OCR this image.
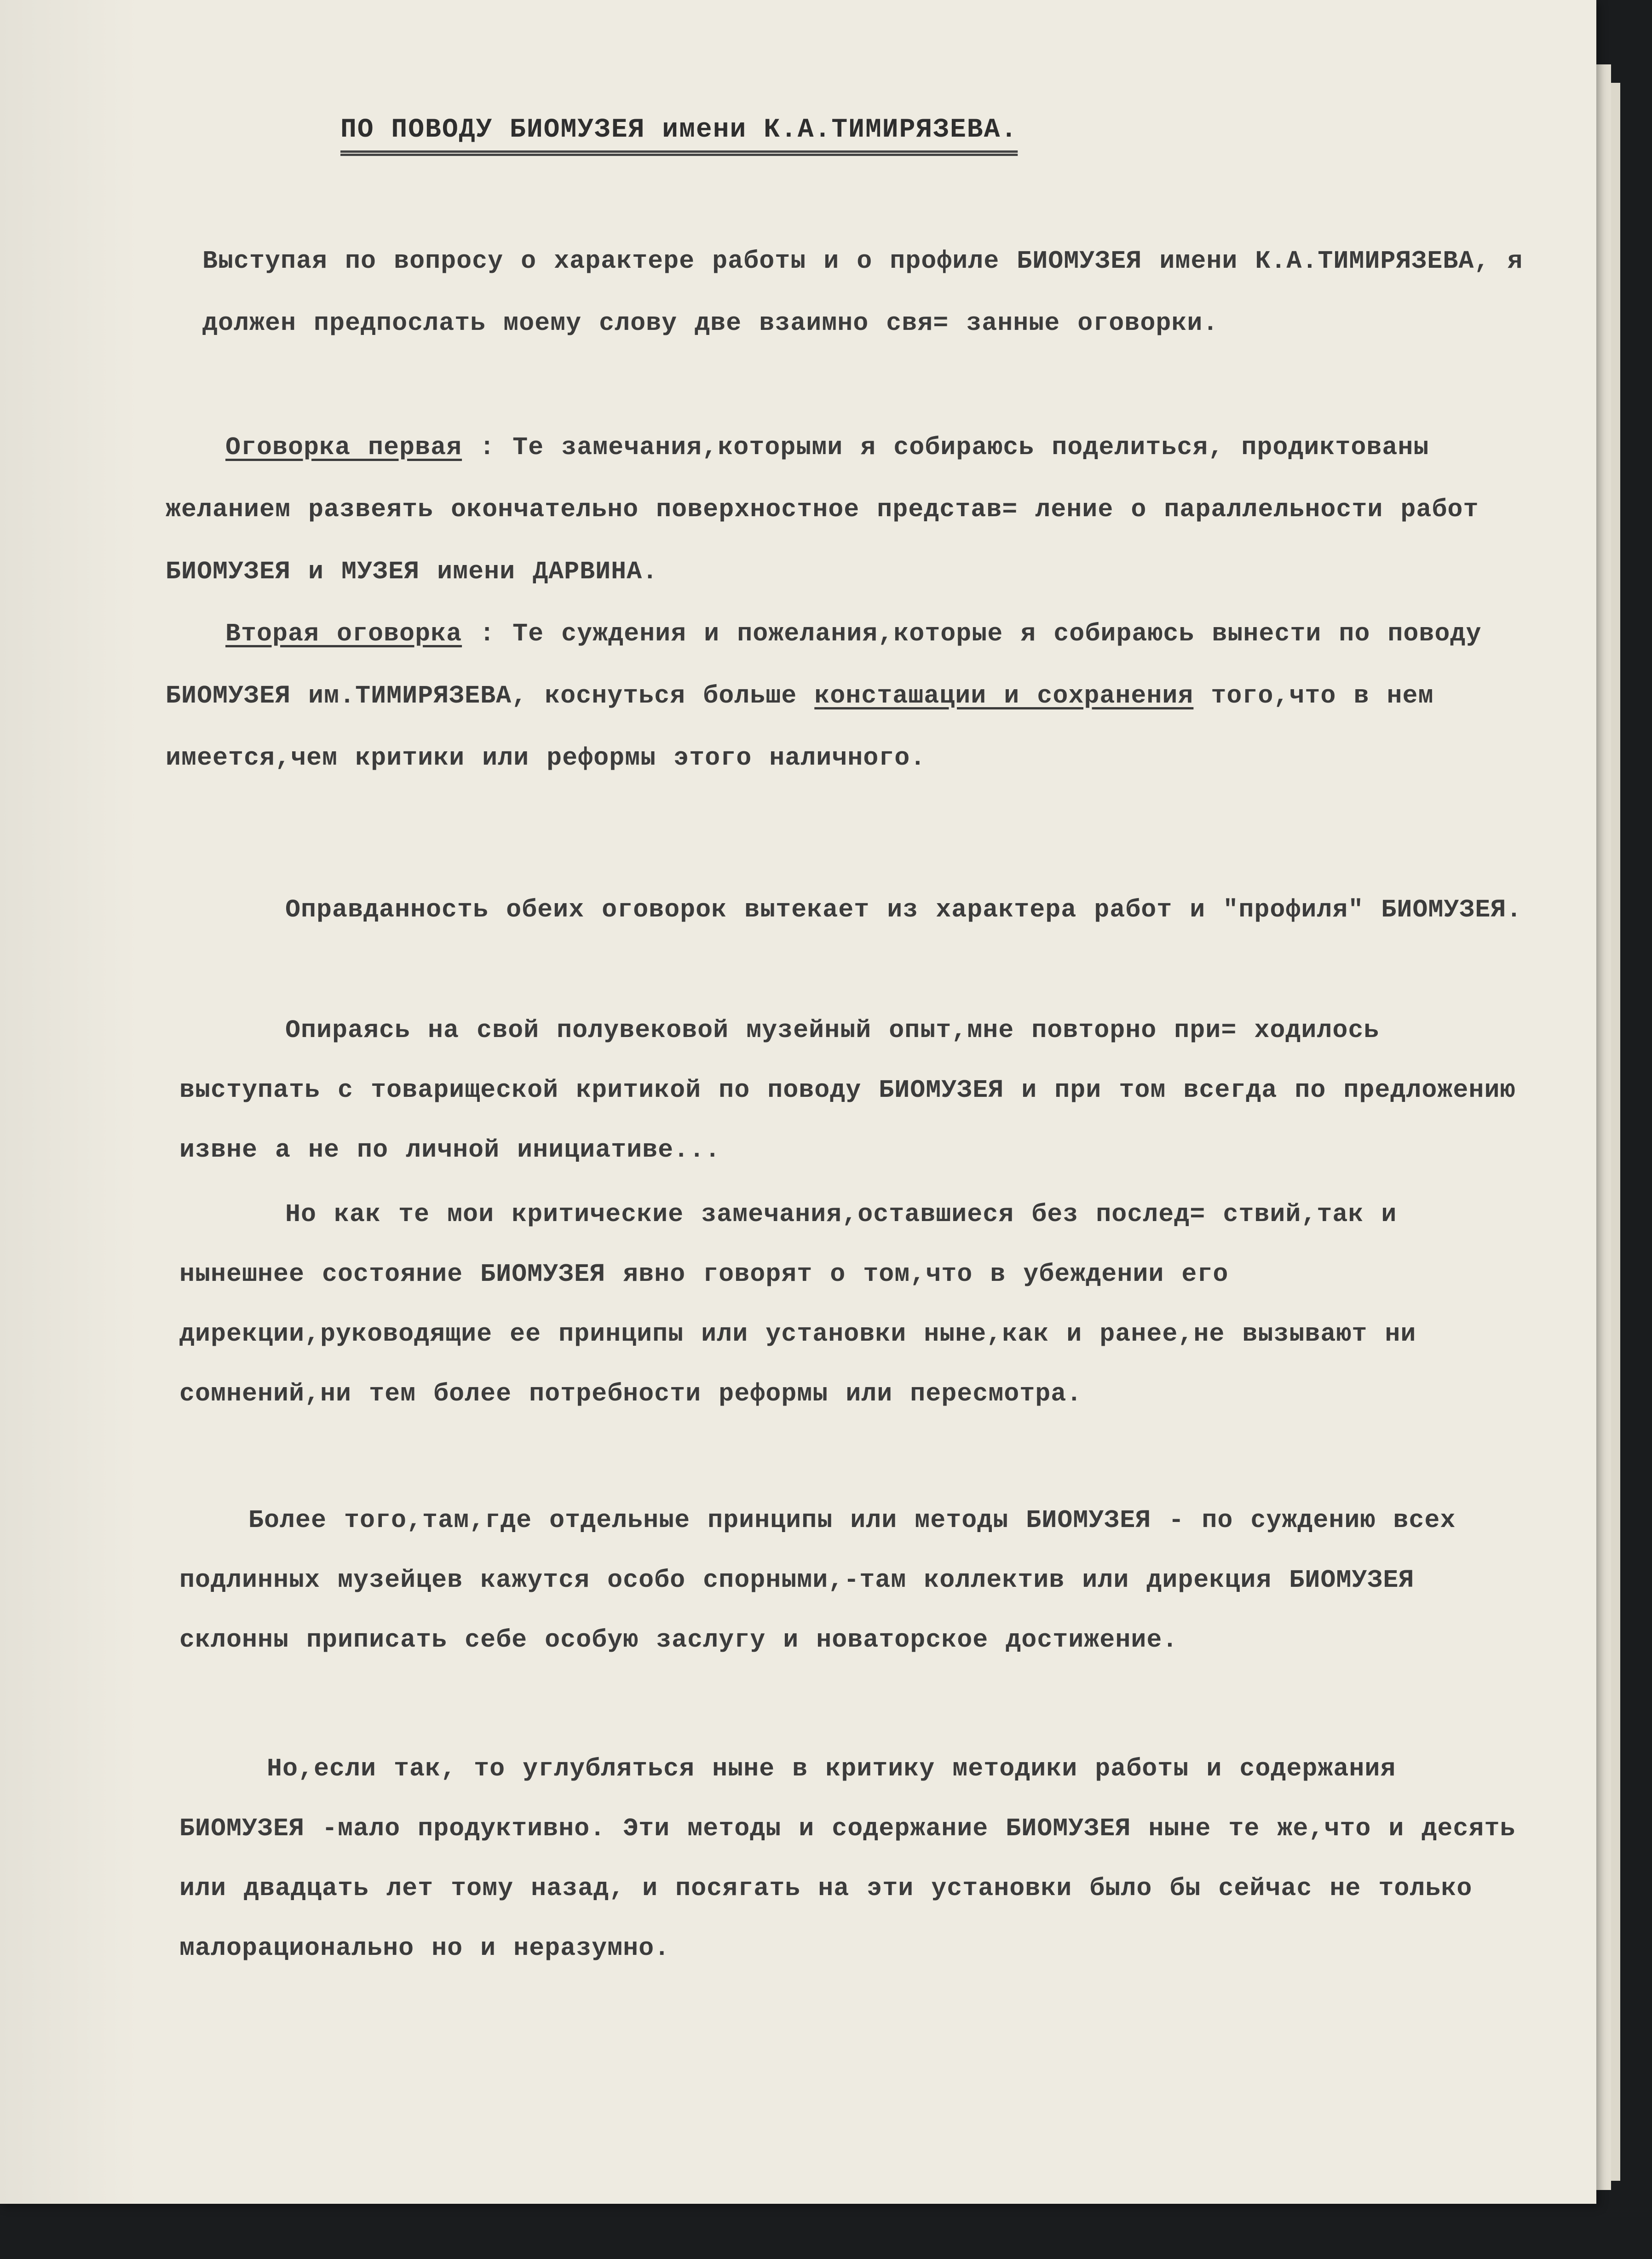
ПО ПОВОДУ БИОМУЗЕЯ имени К.А.ТИМИРЯЗЕВА.
Выступая по вопросу о характере работы и о профиле БИОМУЗЕЯ имени К.А.ТИМИРЯЗЕВА, я должен предпослать моему слову две взаимно свя= занные оговорки.
Оговорка первая : Те замечания,которыми я собираюсь поделиться, продиктованы желанием развеять окончательно поверхностное представ= ление о параллельности работ БИОМУЗЕЯ и МУЗЕЯ имени ДАРВИНА.
Вторая оговорка : Те суждения и пожелания,которые я собираюсь вынести по поводу БИОМУЗЕЯ им.ТИМИРЯЗЕВА, коснуться больше консташации и сохранения того,что в нем имеется,чем критики или реформы этого наличного.
Оправданность обеих оговорок вытекает из характера работ и "профиля" БИОМУЗЕЯ.
Опираясь на свой полувековой музейный опыт,мне повторно при= ходилось выступать с товарищеской критикой по поводу БИОМУЗЕЯ и при том всегда по предложению извне а не по личной инициативе...
Но как те мои критические замечания,оставшиеся без послед= ствий,так и нынешнее состояние БИОМУЗЕЯ явно говорят о том,что в убеждении его дирекции,руководящие ее принципы или установки ныне,как и ранее,не вызывают ни сомнений,ни тем более потребности реформы или пересмотра.
Более того,там,где отдельные принципы или методы БИОМУЗЕЯ - по суждению всех подлинных музейцев кажутся особо спорными,-там коллектив или дирекция БИОМУЗЕЯ склонны приписать себе особую заслугу и новаторское достижение.
Но,если так, то углубляться ныне в критику методики работы и содержания БИОМУЗЕЯ -мало продуктивно. Эти методы и содержание БИОМУЗЕЯ ныне те же,что и десять или двадцать лет тому назад, и посягать на эти установки было бы сейчас не только малорационально но и неразумно.
